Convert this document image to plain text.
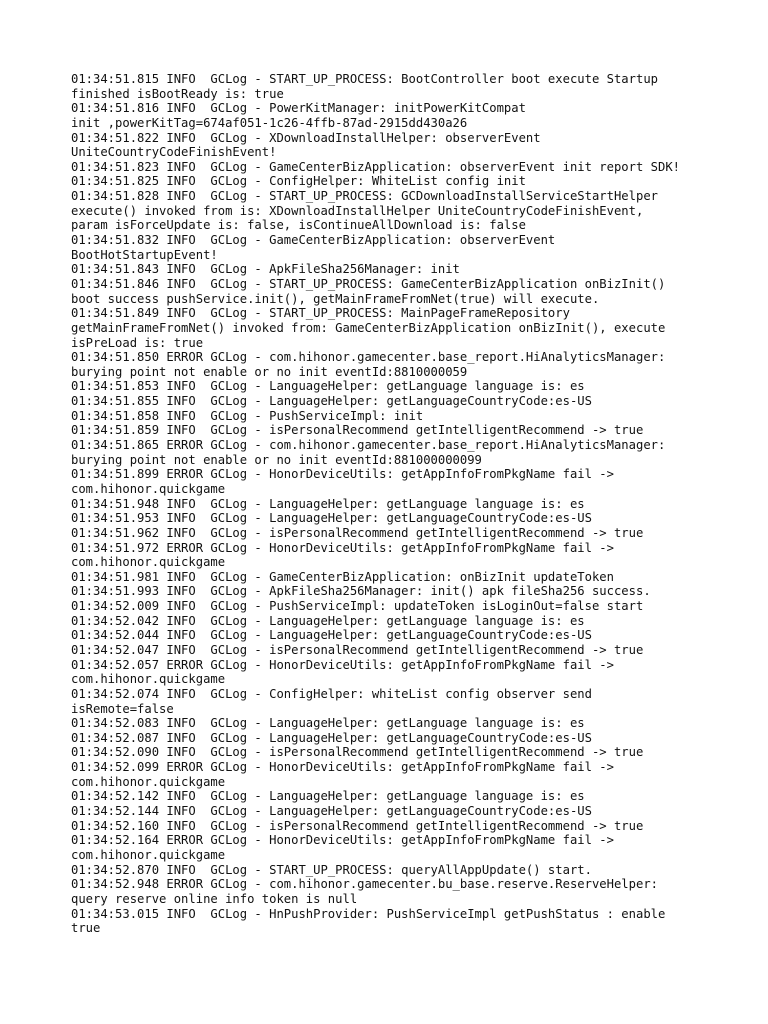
01:34:51.815 INFO  GCLog - START_UP_PROCESS: BootController boot execute Startup
finished isBootReady is: true
01:34:51.816 INFO  GCLog - PowerKitManager: initPowerKitCompat
init ,powerKitTag=674af051-1c26-4ffb-87ad-2915dd430a26
01:34:51.822 INFO  GCLog - XDownloadInstallHelper: observerEvent
UniteCountryCodeFinishEvent!
01:34:51.823 INFO  GCLog - GameCenterBizApplication: observerEvent init report SDK!
01:34:51.825 INFO  GCLog - ConfigHelper: WhiteList config init
01:34:51.828 INFO  GCLog - START_UP_PROCESS: GCDownloadInstallServiceStartHelper
execute() invoked from is: XDownloadInstallHelper UniteCountryCodeFinishEvent,
param isForceUpdate is: false, isContinueAllDownload is: false
01:34:51.832 INFO  GCLog - GameCenterBizApplication: observerEvent
BootHotStartupEvent!
01:34:51.843 INFO  GCLog - ApkFileSha256Manager: init
01:34:51.846 INFO  GCLog - START_UP_PROCESS: GameCenterBizApplication onBizInit()
boot success pushService.init(), getMainFrameFromNet(true) will execute.
01:34:51.849 INFO  GCLog - START_UP_PROCESS: MainPageFrameRepository
getMainFrameFromNet() invoked from: GameCenterBizApplication onBizInit(), execute
isPreLoad is: true
01:34:51.850 ERROR GCLog - com.hihonor.gamecenter.base_report.HiAnalyticsManager:
burying point not enable or no init eventId:8810000059
01:34:51.853 INFO  GCLog - LanguageHelper: getLanguage language is: es
01:34:51.855 INFO  GCLog - LanguageHelper: getLanguageCountryCode:es-US
01:34:51.858 INFO  GCLog - PushServiceImpl: init
01:34:51.859 INFO  GCLog - isPersonalRecommend getIntelligentRecommend -> true
01:34:51.865 ERROR GCLog - com.hihonor.gamecenter.base_report.HiAnalyticsManager:
burying point not enable or no init eventId:881000000099
01:34:51.899 ERROR GCLog - HonorDeviceUtils: getAppInfoFromPkgName fail ->
com.hihonor.quickgame
01:34:51.948 INFO  GCLog - LanguageHelper: getLanguage language is: es
01:34:51.953 INFO  GCLog - LanguageHelper: getLanguageCountryCode:es-US
01:34:51.962 INFO  GCLog - isPersonalRecommend getIntelligentRecommend -> true
01:34:51.972 ERROR GCLog - HonorDeviceUtils: getAppInfoFromPkgName fail ->
com.hihonor.quickgame
01:34:51.981 INFO  GCLog - GameCenterBizApplication: onBizInit updateToken
01:34:51.993 INFO  GCLog - ApkFileSha256Manager: init() apk fileSha256 success.
01:34:52.009 INFO  GCLog - PushServiceImpl: updateToken isLoginOut=false start
01:34:52.042 INFO  GCLog - LanguageHelper: getLanguage language is: es
01:34:52.044 INFO  GCLog - LanguageHelper: getLanguageCountryCode:es-US
01:34:52.047 INFO  GCLog - isPersonalRecommend getIntelligentRecommend -> true
01:34:52.057 ERROR GCLog - HonorDeviceUtils: getAppInfoFromPkgName fail ->
com.hihonor.quickgame
01:34:52.074 INFO  GCLog - ConfigHelper: whiteList config observer send
isRemote=false
01:34:52.083 INFO  GCLog - LanguageHelper: getLanguage language is: es
01:34:52.087 INFO  GCLog - LanguageHelper: getLanguageCountryCode:es-US
01:34:52.090 INFO  GCLog - isPersonalRecommend getIntelligentRecommend -> true
01:34:52.099 ERROR GCLog - HonorDeviceUtils: getAppInfoFromPkgName fail ->
com.hihonor.quickgame
01:34:52.142 INFO  GCLog - LanguageHelper: getLanguage language is: es
01:34:52.144 INFO  GCLog - LanguageHelper: getLanguageCountryCode:es-US
01:34:52.160 INFO  GCLog - isPersonalRecommend getIntelligentRecommend -> true
01:34:52.164 ERROR GCLog - HonorDeviceUtils: getAppInfoFromPkgName fail ->
com.hihonor.quickgame
01:34:52.870 INFO  GCLog - START_UP_PROCESS: queryAllAppUpdate() start.
01:34:52.948 ERROR GCLog - com.hihonor.gamecenter.bu_base.reserve.ReserveHelper:
query reserve online info token is null
01:34:53.015 INFO  GCLog - HnPushProvider: PushServiceImpl getPushStatus : enable
true
